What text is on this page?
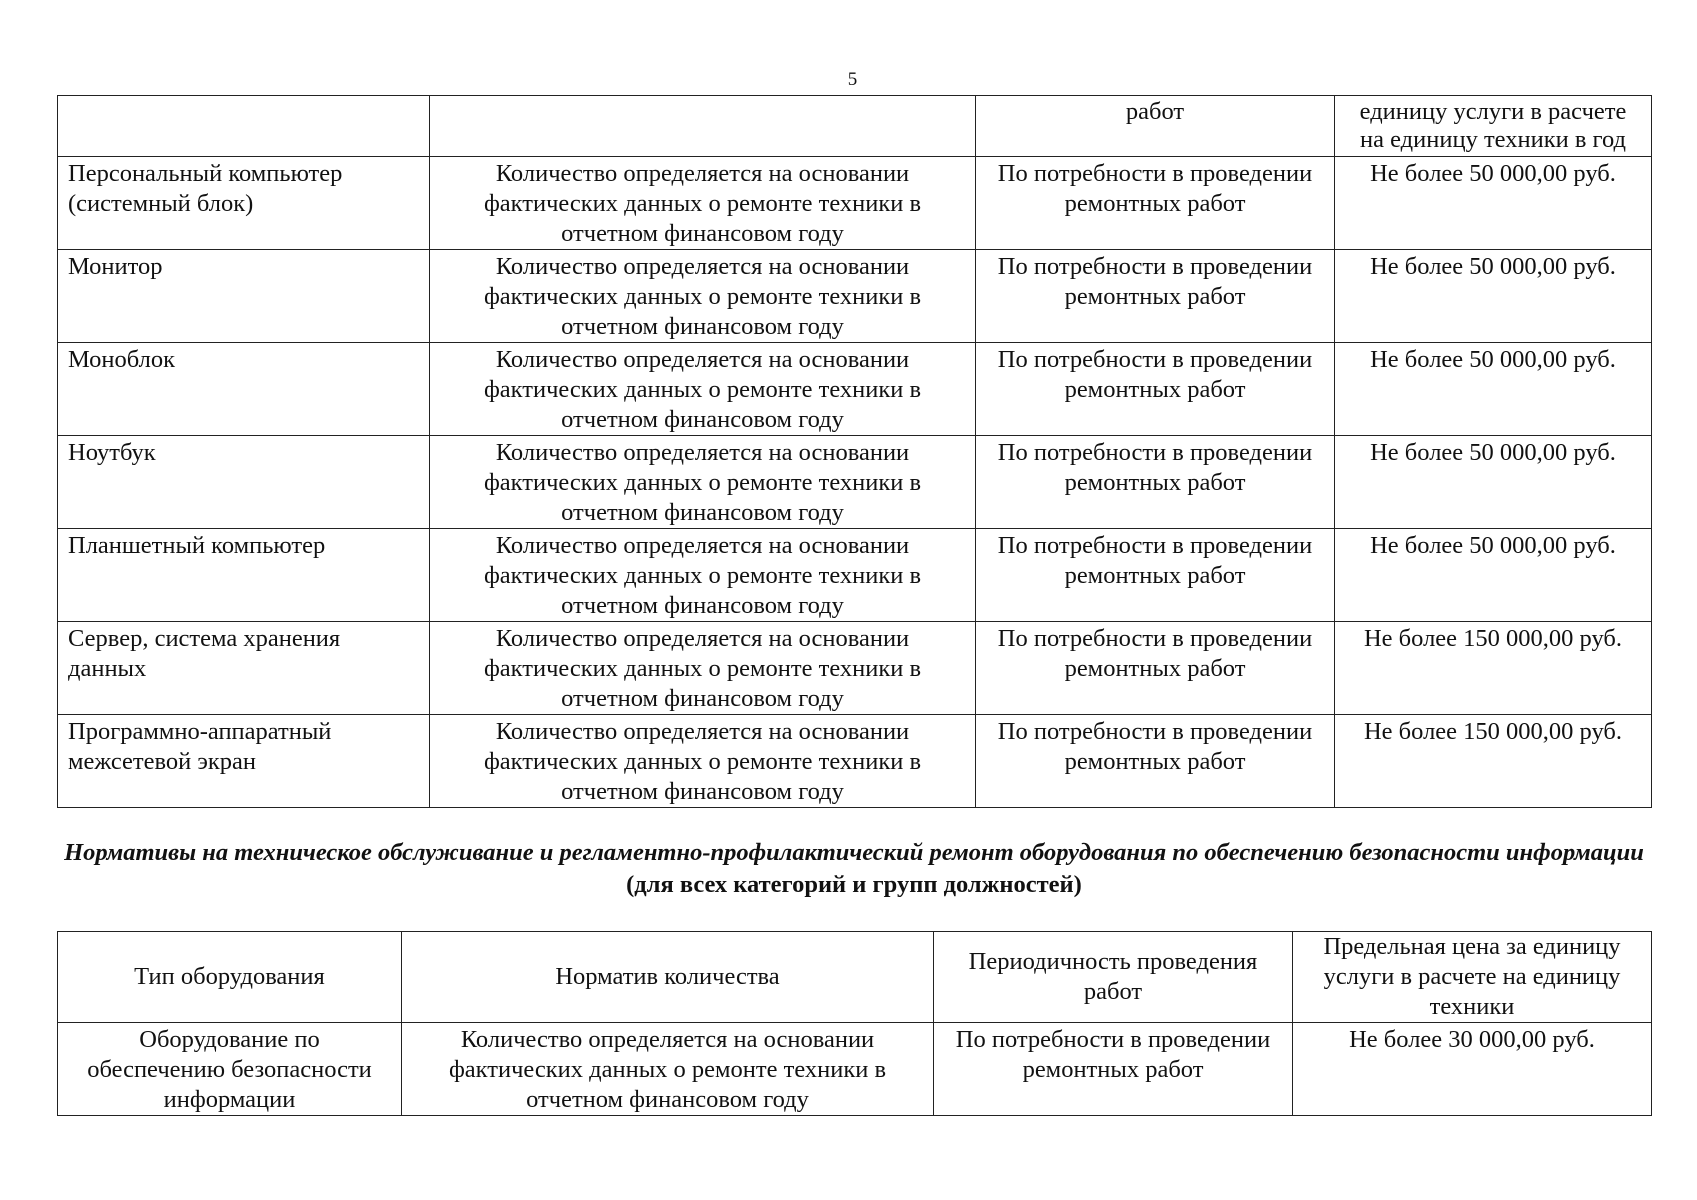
5
		работ	единицу услуги в расчете на единицу техники в год
Персональный компьютер (системный блок)	Количество определяется на основании фактических данных о ремонте техники в отчетном финансовом году	По потребности в проведении ремонтных работ	Не более 50 000,00 руб.
Монитор	Количество определяется на основании фактических данных о ремонте техники в отчетном финансовом году	По потребности в проведении ремонтных работ	Не более 50 000,00 руб.
Моноблок	Количество определяется на основании фактических данных о ремонте техники в отчетном финансовом году	По потребности в проведении ремонтных работ	Не более 50 000,00 руб.
Ноутбук	Количество определяется на основании фактических данных о ремонте техники в отчетном финансовом году	По потребности в проведении ремонтных работ	Не более 50 000,00 руб.
Планшетный компьютер	Количество определяется на основании фактических данных о ремонте техники в отчетном финансовом году	По потребности в проведении ремонтных работ	Не более 50 000,00 руб.
Сервер, система хранения данных	Количество определяется на основании фактических данных о ремонте техники в отчетном финансовом году	По потребности в проведении ремонтных работ	Не более 150 000,00 руб.
Программно-аппаратный межсетевой экран	Количество определяется на основании фактических данных о ремонте техники в отчетном финансовом году	По потребности в проведении ремонтных работ	Не более 150 000,00 руб.
Нормативы на техническое обслуживание и регламентно-профилактический ремонт оборудования по обеспечению безопасности информации
(для всех категорий и групп должностей)
Тип оборудования	Норматив количества	Периодичность проведения работ	Предельная цена за единицу услуги в расчете на единицу техники
Оборудование по обеспечению безопасности информации	Количество определяется на основании фактических данных о ремонте техники в отчетном финансовом году	По потребности в проведении ремонтных работ	Не более 30 000,00 руб.
